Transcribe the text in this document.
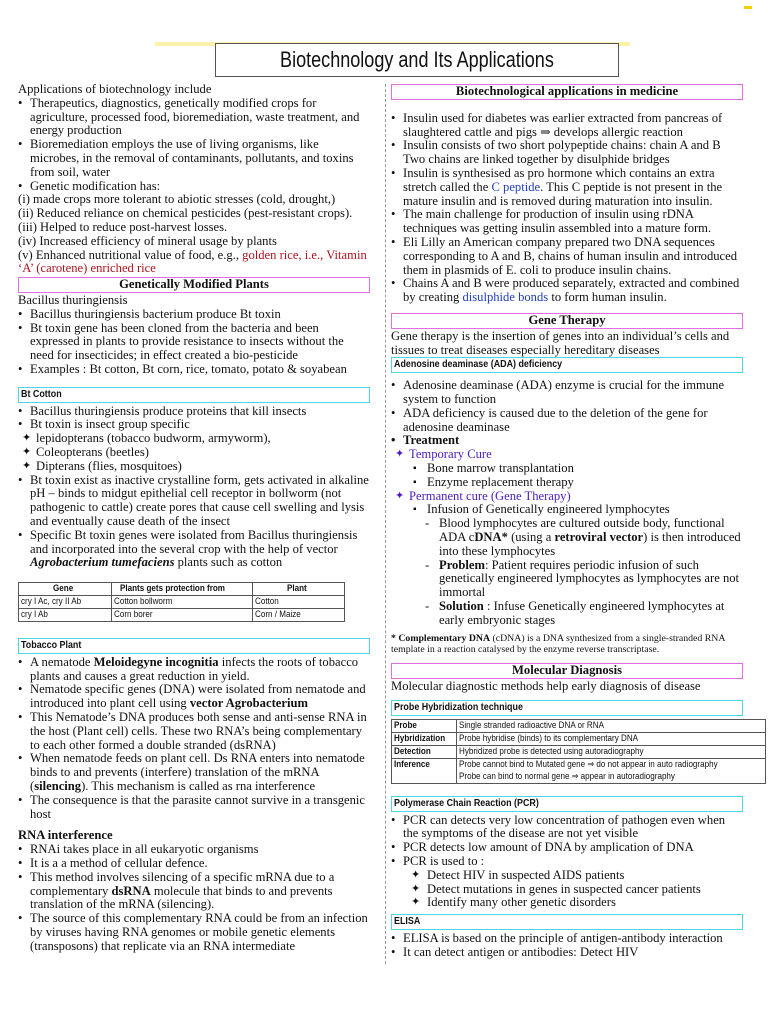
Biotechnology and Its Applications

Applications of biotechnology include

• Therapeutics, diagnostics, genetically modified crops for agriculture, processed food, bioremediation, waste treatment, and energy production
• Bioremediation employs the use of living organisms, like microbes, in the removal of contaminants, pollutants, and toxins from soil, water
• Genetic modification has:

(i) made crops more tolerant to abiotic stresses (cold, drought,)

(ii) Reduced reliance on chemical pesticides (pest-resistant crops).

(iii) Helped to reduce post-harvest losses.

(iv) Increased efficiency of mineral usage by plants

(v) Enhanced nutritional value of food, e.g., golden rice, i.e., Vitamin ‘A’ (carotene) enriched rice

Genetically Modified Plants

Bacillus thuringiensis

• Bacillus thuringiensis bacterium produce Bt toxin
• Bt toxin gene has been cloned from the bacteria and been expressed in plants to provide resistance to insects without the need for insecticides; in effect created a bio-pesticide
• Examples : Bt cotton, Bt corn, rice, tomato, potato & soyabean
Bt Cotton
• Bacillus thuringiensis produce proteins that kill insects
• Bt toxin is insect group specific
✦ lepidopterans (tobacco budworm, armyworm),
✦ Coleopterans (beetles)
✦ Dipterans (flies, mosquitoes)
• Bt toxin exist as inactive crystalline form, gets activated in alkaline pH – binds to midgut epithelial cell receptor in bollworm (not pathogenic to cattle) create pores that cause cell swelling and lysis and eventually cause death of the insect
• Specific Bt toxin genes were isolated from Bacillus thuringiensis and incorporated into the several crop with the help of vector Agrobacterium tumefaciens plants such as cotton
Gene	Plants gets protection from	Plant
cry I Ac, cry II Ab	Cotton bollworm	Cotton
cry I Ab	Corn borer	Corn / Maize
Tobacco Plant
• A nematode Meloidegyne incognitia infects the roots of tobacco plants and causes a great reduction in yield.
• Nematode specific genes (DNA) were isolated from nematode and introduced into plant cell using vector Agrobacterium
• This Nematode’s DNA produces both sense and anti-sense RNA in the host (Plant cell) cells. These two RNA’s being complementary to each other formed a double stranded (dsRNA)
• When nematode feeds on plant cell. Ds RNA enters into nematode binds to and prevents (interfere) translation of the mRNA (silencing). This mechanism is called as rna interference
• The consequence is that the parasite cannot survive in a transgenic host

RNA interference

• RNAi takes place in all eukaryotic organisms
• It is a a method of cellular defence.
• This method involves silencing of a specific mRNA due to a complementary dsRNA molecule that binds to and prevents translation of the mRNA (silencing).
• The source of this complementary RNA could be from an infection by viruses having RNA genomes or mobile genetic elements (transposons) that replicate via an RNA intermediate
Biotechnological applications in medicine
• Insulin used for diabetes was earlier extracted from pancreas of slaughtered cattle and pigs ⇒ develops allergic reaction
• Insulin consists of two short polypeptide chains: chain A and B Two chains are linked together by disulphide bridges
• Insulin is synthesised as pro hormone which contains an extra stretch called the C peptide. This C peptide is not present in the mature insulin and is removed during maturation into insulin.
• The main challenge for production of insulin using rDNA techniques was getting insulin assembled into a mature form.
• Eli Lilly an American company prepared two DNA sequences corresponding to A and B, chains of human insulin and introduced them in plasmids of E. coli to produce insulin chains.
• Chains A and B were produced separately, extracted and combined by creating disulphide bonds to form human insulin.
Gene Therapy

Gene therapy is the insertion of genes into an individual’s cells and tissues to treat diseases especially hereditary diseases

Adenosine deaminase (ADA) deficiency
• Adenosine deaminase (ADA) enzyme is crucial for the immune system to function
• ADA deficiency is caused due to the deletion of the gene for adenosine deaminase
• Treatment
✦ Temporary Cure
▪ Bone marrow transplantation
▪ Enzyme replacement therapy
✦ Permanent cure (Gene Therapy)
▪ Infusion of Genetically engineered lymphocytes
- Blood lymphocytes are cultured outside body, functional ADA cDNA* (using a retroviral vector) is then introduced into these lymphocytes
- Problem: Patient requires periodic infusion of such genetically engineered lymphocytes as lymphocytes are not immortal
- Solution : Infuse Genetically engineered lymphocytes at early embryonic stages

* Complementary DNA (cDNA) is a DNA synthesized from a single-stranded RNA template in a reaction catalysed by the enzyme reverse transcriptase.

Molecular Diagnosis

Molecular diagnostic methods help early diagnosis of disease

Probe Hybridization technique
Probe	Single stranded radioactive DNA or RNA
Hybridization	Probe hybridise (binds) to its complementary DNA
Detection	Hybridized probe is detected using autoradiography
Inference	Probe cannot bind to Mutated gene ⇒ do not appear in auto radiography
Probe can bind to normal gene ⇒ appear in autoradiography
Polymerase Chain Reaction (PCR)
• PCR can detects very low concentration of pathogen even when the symptoms of the disease are not yet visible
• PCR detects low amount of DNA by amplication of DNA
• PCR is used to :
✦ Detect HIV in suspected AIDS patients
✦ Detect mutations in genes in suspected cancer patients
✦ Identify many other genetic disorders
ELISA
• ELISA is based on the principle of antigen-antibody interaction
• It can detect antigen or antibodies: Detect HIV
